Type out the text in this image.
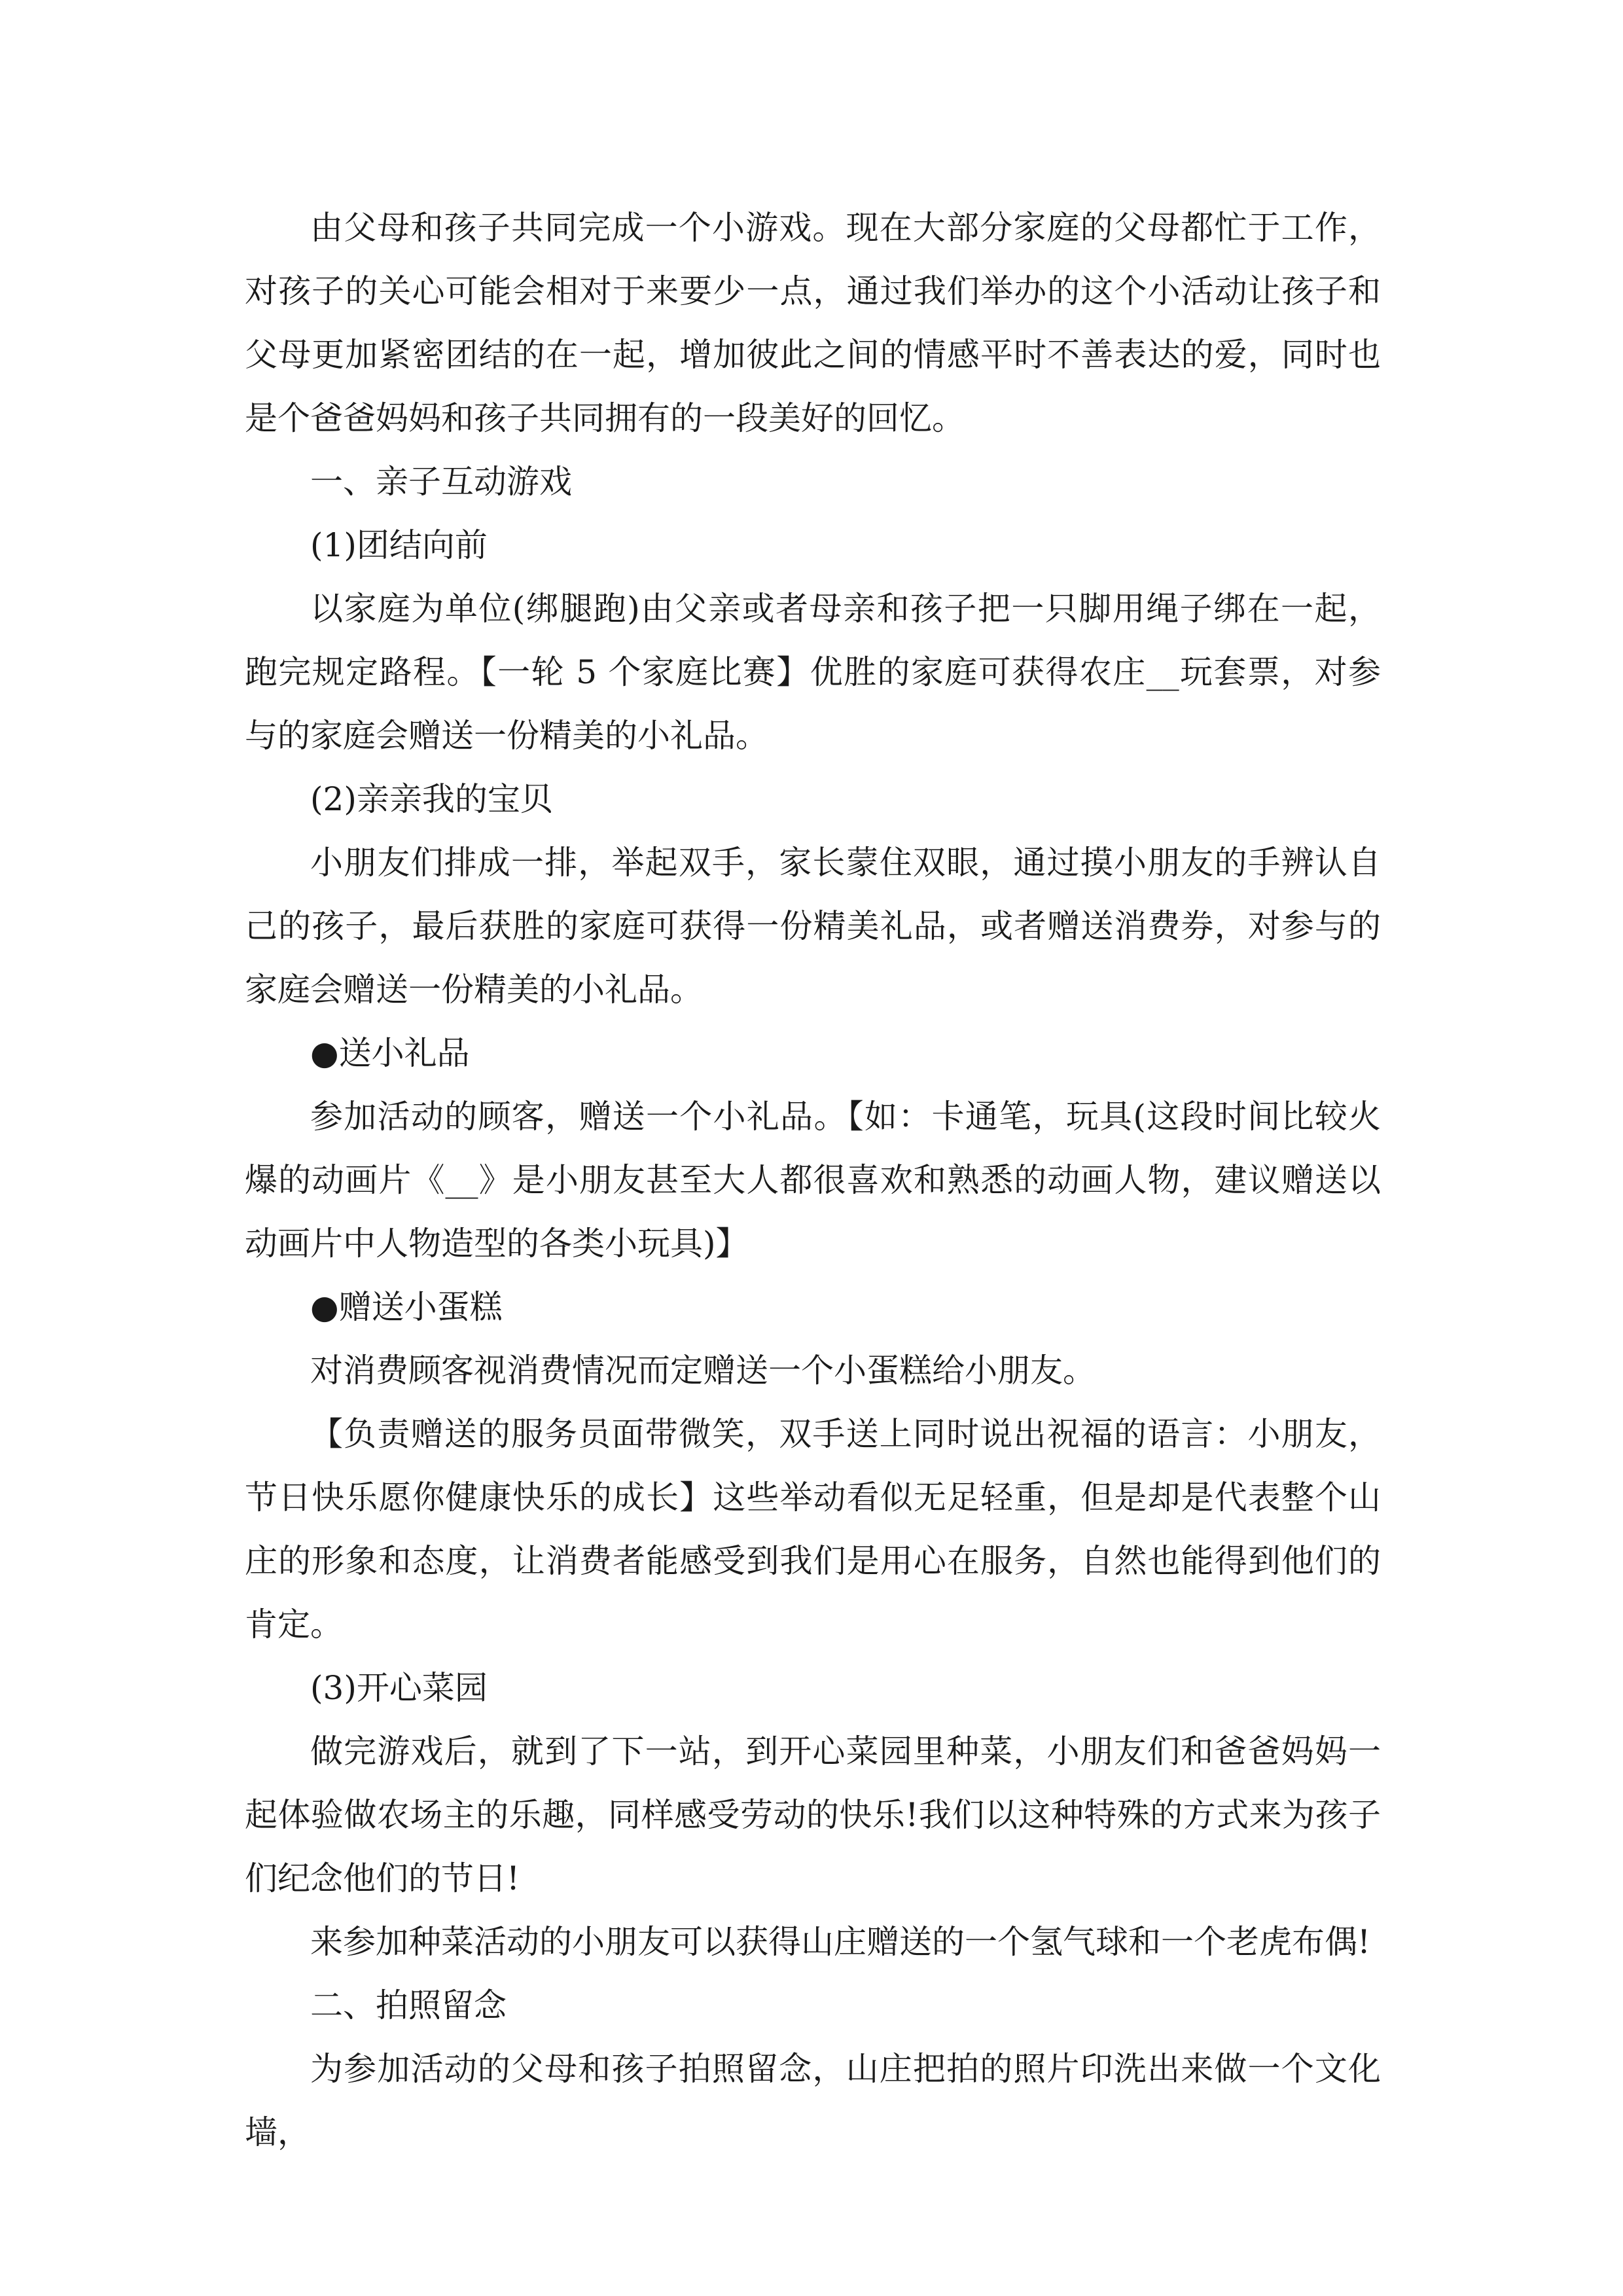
由父母和孩子共同完成一个小游戏。现在大部分家庭的父母都忙于工作，对孩子的关心可能会相对于来要少一点，通过我们举办的这个小活动让孩子和父母更加紧密团结的在一起，增加彼此之间的情感平时不善表达的爱，同时也是个爸爸妈妈和孩子共同拥有的一段美好的回忆。

一、亲子互动游戏

(1)团结向前

以家庭为单位(绑腿跑)由父亲或者母亲和孩子把一只脚用绳子绑在一起，跑完规定路程。【一轮 5 个家庭比赛】优胜的家庭可获得农庄__玩套票，对参与的家庭会赠送一份精美的小礼品。

(2)亲亲我的宝贝

小朋友们排成一排，举起双手，家长蒙住双眼，通过摸小朋友的手辨认自己的孩子，最后获胜的家庭可获得一份精美礼品，或者赠送消费券，对参与的家庭会赠送一份精美的小礼品。

●送小礼品

参加活动的顾客，赠送一个小礼品。【如：卡通笔，玩具(这段时间比较火爆的动画片《__》是小朋友甚至大人都很喜欢和熟悉的动画人物，建议赠送以动画片中人物造型的各类小玩具)】

●赠送小蛋糕

对消费顾客视消费情况而定赠送一个小蛋糕给小朋友。

【负责赠送的服务员面带微笑，双手送上同时说出祝福的语言：小朋友，节日快乐愿你健康快乐的成长】这些举动看似无足轻重，但是却是代表整个山庄的形象和态度，让消费者能感受到我们是用心在服务，自然也能得到他们的肯定。

(3)开心菜园

做完游戏后，就到了下一站，到开心菜园里种菜，小朋友们和爸爸妈妈一起体验做农场主的乐趣，同样感受劳动的快乐!我们以这种特殊的方式来为孩子们纪念他们的节日!

来参加种菜活动的小朋友可以获得山庄赠送的一个氢气球和一个老虎布偶!

二、拍照留念

为参加活动的父母和孩子拍照留念，山庄把拍的照片印洗出来做一个文化墙，
